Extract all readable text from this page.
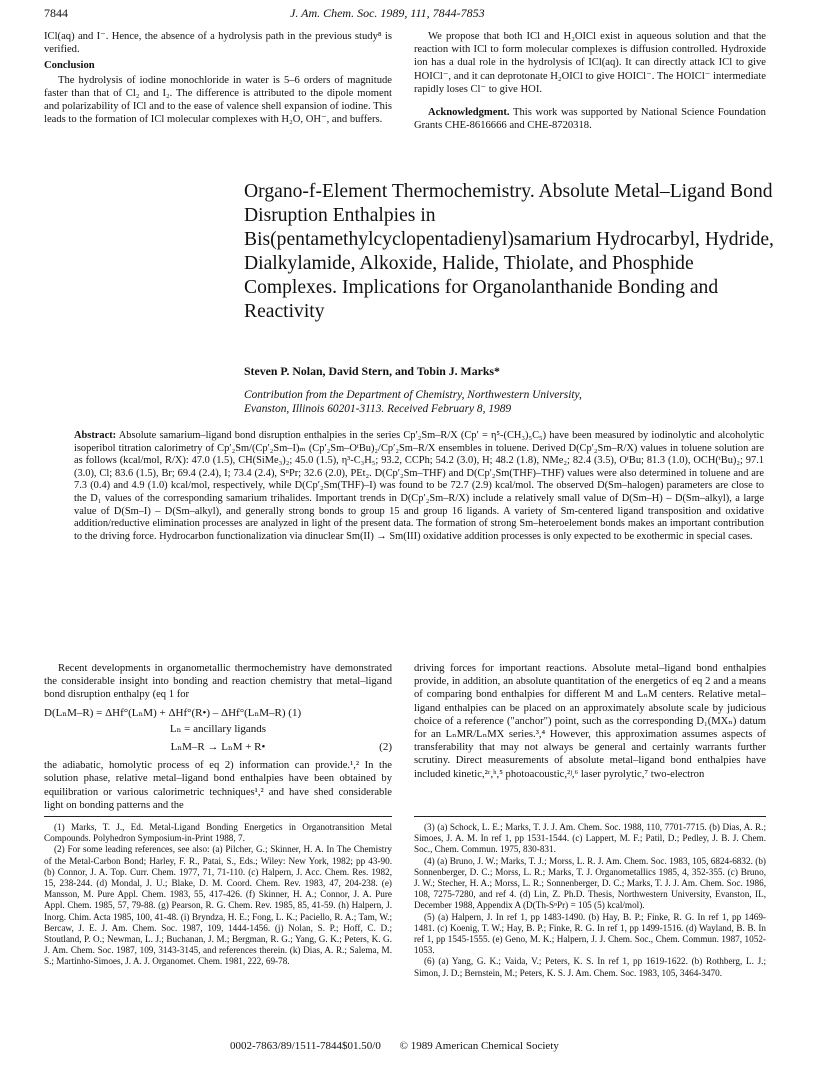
7844	J. Am. Chem. Soc. 1989, 111, 7844-7853

ICl(aq) and I⁻. Hence, the absence of a hydrolysis path in the previous study⁸ is verified.

Conclusion

The hydrolysis of iodine monochloride in water is 5–6 orders of magnitude faster than that of Cl₂ and I₂. The difference is attributed to the dipole moment and polarizability of ICl and to the ease of valence shell expansion of iodine. This leads to the formation of ICl molecular complexes with H₂O, OH⁻, and buffers.

We propose that both ICl and H₂OICl exist in aqueous solution and that the reaction with ICl to form molecular complexes is diffusion controlled. Hydroxide ion has a dual role in the hydrolysis of ICl(aq). It can directly attack ICl to give HOICl⁻, and it can deprotonate H₂OICl to give HOICl⁻. The HOICl⁻ intermediate rapidly loses Cl⁻ to give HOI.

Acknowledgment. This work was supported by National Science Foundation Grants CHE-8616666 and CHE-8720318.

Organo-f-Element Thermochemistry. Absolute Metal–Ligand Bond Disruption Enthalpies in Bis(pentamethylcyclopentadienyl)samarium Hydrocarbyl, Hydride, Dialkylamide, Alkoxide, Halide, Thiolate, and Phosphide Complexes. Implications for Organolanthanide Bonding and Reactivity
Steven P. Nolan, David Stern, and Tobin J. Marks*
Contribution from the Department of Chemistry, Northwestern University,
Evanston, Illinois 60201-3113. Received February 8, 1989
Abstract: Absolute samarium–ligand bond disruption enthalpies in the series Cp′₂Sm–R/X (Cp′ = η⁵-(CH₃)₅C₅) have been measured by iodinolytic and alcoholytic isoperibol titration calorimetry of Cp′₂Sm/(Cp′₂Sm–I)ₘ (Cp′₂Sm–OᵗBu)₂/Cp′₂Sm–R/X ensembles in toluene. Derived D(Cp′₂Sm–R/X) values in toluene solution are as follows (kcal/mol, R/X): 47.0 (1.5), CH(SiMe₃)₂; 45.0 (1.5), η³-C₃H₅; 93.2, CCPh; 54.2 (3.0), H; 48.2 (1.8), NMe₂; 82.4 (3.5), OᵗBu; 81.3 (1.0), OCH(ᵗBu)₂; 97.1 (3.0), Cl; 83.6 (1.5), Br; 69.4 (2.4), I; 73.4 (2.4), SⁿPr; 32.6 (2.0), PEt₂. D(Cp′₂Sm–THF) and D(Cp′₂Sm(THF)–THF) values were also determined in toluene and are 7.3 (0.4) and 4.9 (1.0) kcal/mol, respectively, while D(Cp′₂Sm(THF)–I) was found to be 72.7 (2.9) kcal/mol. The observed D(Sm–halogen) parameters are close to the D₁ values of the corresponding samarium trihalides. Important trends in D(Cp′₂Sm–R/X) include a relatively small value of D(Sm–H) – D(Sm–alkyl), a large value of D(Sm–I) – D(Sm–alkyl), and generally strong bonds to group 15 and group 16 ligands. A variety of Sm-centered ligand transposition and oxidative addition/reductive elimination processes are analyzed in light of the present data. The formation of strong Sm–heteroelement bonds makes an important contribution to the driving force. Hydrocarbon functionalization via dinuclear Sm(II) → Sm(III) oxidative addition processes is only expected to be exothermic in special cases.

Recent developments in organometallic thermochemistry have demonstrated the considerable insight into bonding and reaction chemistry that metal–ligand bond disruption enthalpy (eq 1 for

D(LₙM–R) = ΔHf°(LₙM) + ΔHf°(R•) – ΔHf°(LₙM–R) (1)
Lₙ = ancillary ligands
LₙM–R → LₙM + R•	(2)

the adiabatic, homolytic process of eq 2) information can provide.¹,² In the solution phase, relative metal–ligand bond enthalpies have been obtained by equilibration or various calorimetric techniques¹,² and have shed considerable light on bonding patterns and the

driving forces for important reactions. Absolute metal–ligand bond enthalpies provide, in addition, an absolute quantitation of the energetics of eq 2 and a means of comparing bond enthalpies for different M and LₙM centers. Relative metal–ligand enthalpies can be placed on an approximately absolute scale by judicious choice of a reference ("anchor") point, such as the corresponding D₁(MXₙ) datum for an LₙMR/LₙMX series.³,⁴ However, this approximation assumes aspects of transferability that may not always be general and certainly warrants further scrutiny. Direct measurements of absolute metal–ligand bond enthalpies have included kinetic,²ᶜ,ʰ,⁵ photoacoustic,²ʲ,⁶ laser pyrolytic,⁷ two-electron

(1) Marks, T. J., Ed. Metal-Ligand Bonding Energetics in Organotransition Metal Compounds. Polyhedron Symposium-in-Print 1988, 7.

(2) For some leading references, see also: (a) Pilcher, G.; Skinner, H. A. In The Chemistry of the Metal-Carbon Bond; Harley, F. R., Patai, S., Eds.; Wiley: New York, 1982; pp 43-90. (b) Connor, J. A. Top. Curr. Chem. 1977, 71, 71-110. (c) Halpern, J. Acc. Chem. Res. 1982, 15, 238-244. (d) Mondal, J. U.; Blake, D. M. Coord. Chem. Rev. 1983, 47, 204-238. (e) Mansson, M. Pure Appl. Chem. 1983, 55, 417-426. (f) Skinner, H. A.; Connor, J. A. Pure Appl. Chem. 1985, 57, 79-88. (g) Pearson, R. G. Chem. Rev. 1985, 85, 41-59. (h) Halpern, J. Inorg. Chim. Acta 1985, 100, 41-48. (i) Bryndza, H. E.; Fong, L. K.; Paciello, R. A.; Tam, W.; Bercaw, J. E. J. Am. Chem. Soc. 1987, 109, 1444-1456. (j) Nolan, S. P.; Hoff, C. D.; Stoutland, P. O.; Newman, L. J.; Buchanan, J. M.; Bergman, R. G.; Yang, G. K.; Peters, K. G. J. Am. Chem. Soc. 1987, 109, 3143-3145, and references therein. (k) Dias, A. R.; Salema, M. S.; Martinho-Simoes, J. A. J. Organomet. Chem. 1981, 222, 69-78.

(3) (a) Schock, L. E.; Marks, T. J. J. Am. Chem. Soc. 1988, 110, 7701-7715. (b) Dias, A. R.; Simoes, J. A. M. In ref 1, pp 1531-1544. (c) Lappert, M. F.; Patil, D.; Pedley, J. B. J. Chem. Soc., Chem. Commun. 1975, 830-831.

(4) (a) Bruno, J. W.; Marks, T. J.; Morss, L. R. J. Am. Chem. Soc. 1983, 105, 6824-6832. (b) Sonnenberger, D. C.; Morss, L. R.; Marks, T. J. Organometallics 1985, 4, 352-355. (c) Bruno, J. W.; Stecher, H. A.; Morss, L. R.; Sonnenberger, D. C.; Marks, T. J. J. Am. Chem. Soc. 1986, 108, 7275-7280, and ref 4. (d) Lin, Z. Ph.D. Thesis, Northwestern University, Evanston, IL, December 1988, Appendix A (D(Th-SⁿPr) = 105 (5) kcal/mol).

(5) (a) Halpern, J. In ref 1, pp 1483-1490. (b) Hay, B. P.; Finke, R. G. In ref 1, pp 1469-1481. (c) Koenig, T. W.; Hay, B. P.; Finke, R. G. In ref 1, pp 1499-1516. (d) Wayland, B. B. In ref 1, pp 1545-1555. (e) Geno, M. K.; Halpern, J. J. Chem. Soc., Chem. Commun. 1987, 1052-1053.

(6) (a) Yang, G. K.; Vaida, V.; Peters, K. S. In ref 1, pp 1619-1622. (b) Rothberg, L. J.; Simon, J. D.; Bernstein, M.; Peters, K. S. J. Am. Chem. Soc. 1983, 105, 3464-3470.

0002-7863/89/1511-7844$01.50/0 © 1989 American Chemical Society
